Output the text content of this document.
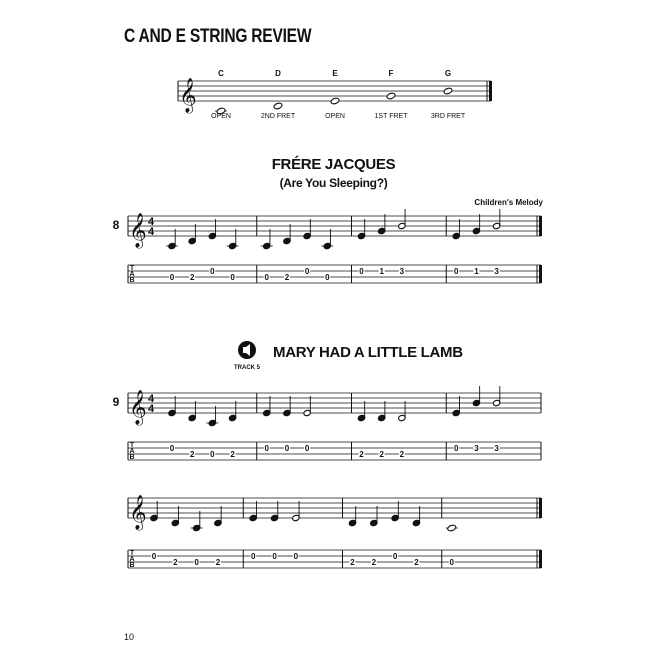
C AND E STRING REVIEW
𝄞
C
OPEN
D
2ND FRET
E
OPEN
F
1ST FRET
G
3RD FRET
𝄞
T
A
B
8	4
4
0 2
0
0	0 2
0
0
0 1 3	0 1 3
𝄞
T
A
B
9	4
4
0
2 0 2
0 0 0
2 2 2
0 3 3
𝄞
T
A
B
0
2 0 2
0 0 0
2 2
0
2	0
FRÉRE JACQUES
(Are You Sleeping?)
Children's Melody
MARY HAD A LITTLE LAMB
TRACK 5
10
